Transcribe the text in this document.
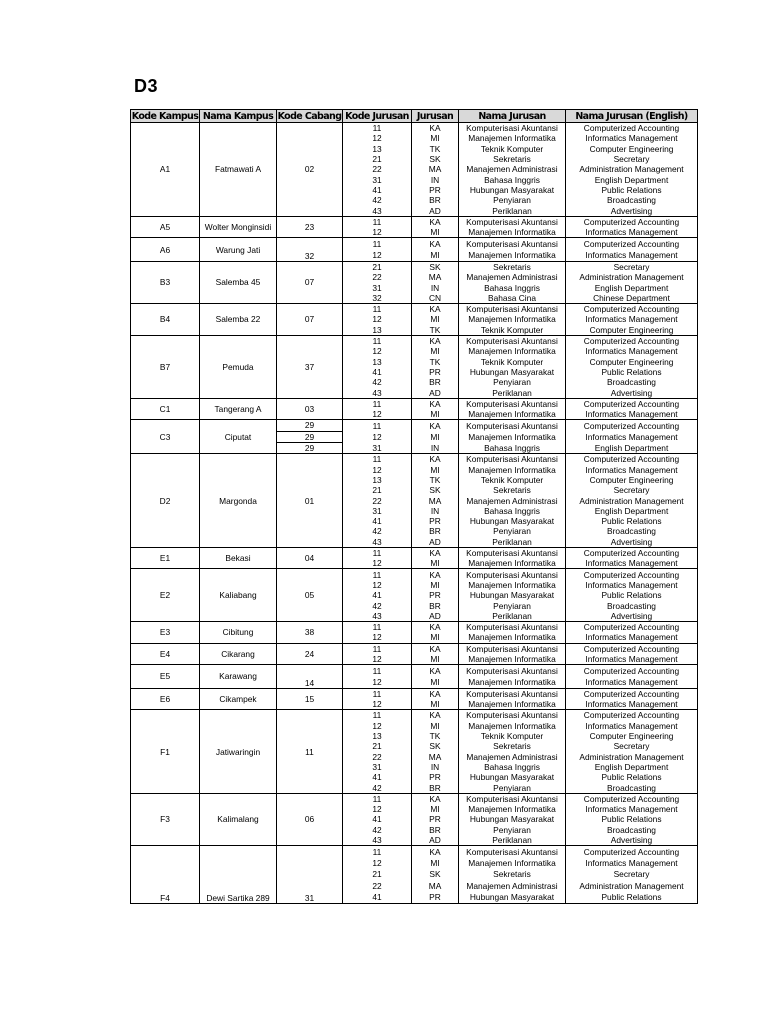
D3
Kode Kampus	Nama Kampus	Kode Cabang	Kode Jurusan	Jurusan	Nama Jurusan	Nama Jurusan (English)
A1	Fatmawati A	02	11	KA	Komputerisasi Akuntansi	Computerized Accounting
			12	MI	Manajemen Informatika	Informatics Management
			13	TK	Teknik Komputer	Computer Engineering
			21	SK	Sekretaris	Secretary
			22	MA	Manajemen Administrasi	Administration Management
			31	IN	Bahasa Inggris	English Department
			41	PR	Hubungan Masyarakat	Public Relations
			42	BR	Penyiaran	Broadcasting
			43	AD	Periklanan	Advertising
A5	Wolter Monginsidi	23	11	KA	Komputerisasi Akuntansi	Computerized Accounting
			12	MI	Manajemen Informatika	Informatics Management
A6	Warung Jati	32	11	KA	Komputerisasi Akuntansi	Computerized Accounting
			12	MI	Manajemen Informatika	Informatics Management
B3	Salemba 45	07	21	SK	Sekretaris	Secretary
			22	MA	Manajemen Administrasi	Administration Management
			31	IN	Bahasa Inggris	English Department
			32	CN	Bahasa Cina	Chinese Department
B4	Salemba 22	07	11	KA	Komputerisasi Akuntansi	Computerized Accounting
			12	MI	Manajemen Informatika	Informatics Management
			13	TK	Teknik Komputer	Computer Engineering
B7	Pemuda	37	11	KA	Komputerisasi Akuntansi	Computerized Accounting
			12	MI	Manajemen Informatika	Informatics Management
			13	TK	Teknik Komputer	Computer Engineering
			41	PR	Hubungan Masyarakat	Public Relations
			42	BR	Penyiaran	Broadcasting
			43	AD	Periklanan	Advertising
C1	Tangerang A	03	11	KA	Komputerisasi Akuntansi	Computerized Accounting
			12	MI	Manajemen Informatika	Informatics Management
C3	Ciputat	29	11	KA	Komputerisasi Akuntansi	Computerized Accounting
		29	12	MI	Manajemen Informatika	Informatics Management
		29	31	IN	Bahasa Inggris	English Department
D2	Margonda	01	11	KA	Komputerisasi Akuntansi	Computerized Accounting
			12	MI	Manajemen Informatika	Informatics Management
			13	TK	Teknik Komputer	Computer Engineering
			21	SK	Sekretaris	Secretary
			22	MA	Manajemen Administrasi	Administration Management
			31	IN	Bahasa Inggris	English Department
			41	PR	Hubungan Masyarakat	Public Relations
			42	BR	Penyiaran	Broadcasting
			43	AD	Periklanan	Advertising
E1	Bekasi	04	11	KA	Komputerisasi Akuntansi	Computerized Accounting
			12	MI	Manajemen Informatika	Informatics Management
E2	Kaliabang	05	11	KA	Komputerisasi Akuntansi	Computerized Accounting
			12	MI	Manajemen Informatika	Informatics Management
			41	PR	Hubungan Masyarakat	Public Relations
			42	BR	Penyiaran	Broadcasting
			43	AD	Periklanan	Advertising
E3	Cibitung	38	11	KA	Komputerisasi Akuntansi	Computerized Accounting
			12	MI	Manajemen Informatika	Informatics Management
E4	Cikarang	24	11	KA	Komputerisasi Akuntansi	Computerized Accounting
			12	MI	Manajemen Informatika	Informatics Management
E5	Karawang	14	11	KA	Komputerisasi Akuntansi	Computerized Accounting
			12	MI	Manajemen Informatika	Informatics Management
E6	Cikampek	15	11	KA	Komputerisasi Akuntansi	Computerized Accounting
			12	MI	Manajemen Informatika	Informatics Management
F1	Jatiwaringin	11	11	KA	Komputerisasi Akuntansi	Computerized Accounting
			12	MI	Manajemen Informatika	Informatics Management
			13	TK	Teknik Komputer	Computer Engineering
			21	SK	Sekretaris	Secretary
			22	MA	Manajemen Administrasi	Administration Management
			31	IN	Bahasa Inggris	English Department
			41	PR	Hubungan Masyarakat	Public Relations
			42	BR	Penyiaran	Broadcasting
F3	Kalimalang	06	11	KA	Komputerisasi Akuntansi	Computerized Accounting
			12	MI	Manajemen Informatika	Informatics Management
			41	PR	Hubungan Masyarakat	Public Relations
			42	BR	Penyiaran	Broadcasting
			43	AD	Periklanan	Advertising

F4	Dewi Sartika 289	31	11	KA	Komputerisasi Akuntansi	Computerized Accounting
			12	MI	Manajemen Informatika	Informatics Management
			21	SK	Sekretaris	Secretary
			22	MA	Manajemen Administrasi	Administration Management
			41	PR	Hubungan Masyarakat	Public Relations
